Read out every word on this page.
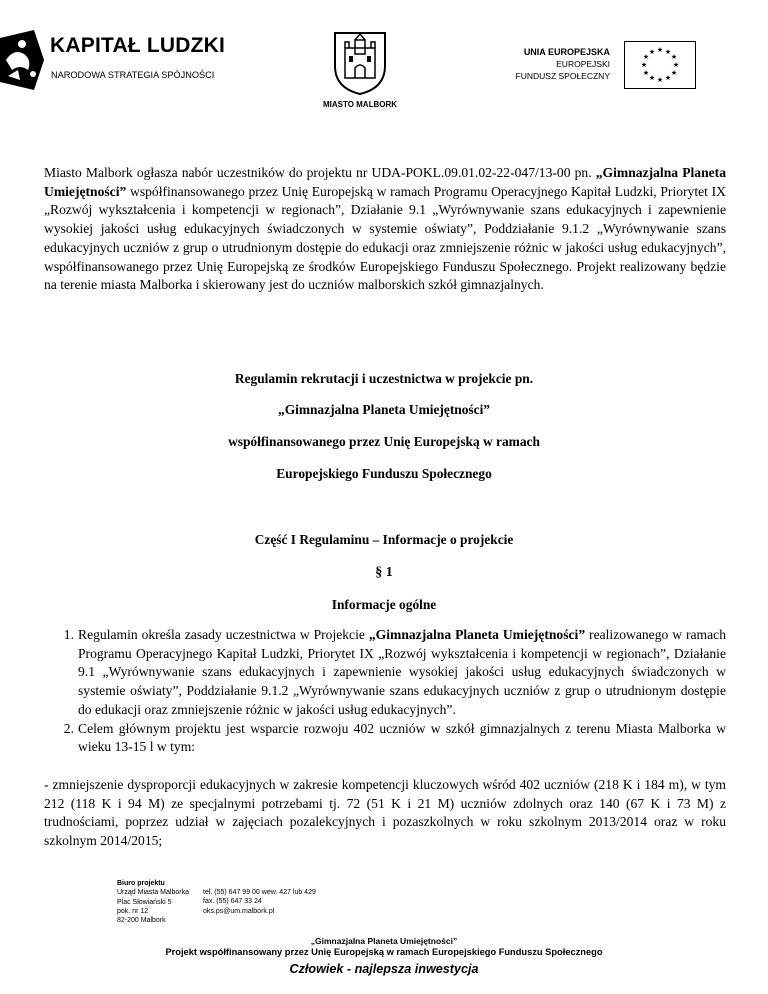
KAPITAŁ LUDZKI
NARODOWA STRATEGIA SPÓJNOŚCI
MIASTO MALBORK
UNIA EUROPEJSKA
EUROPEJSKI
FUNDUSZ SPOŁECZNY
★ ★
★
★
★
★
★
★
★
★
★
★

Miasto Malbork ogłasza nabór uczestników do projektu nr UDA-POKL.09.01.02-22-047/13-00 pn. „Gimnazjalna Planeta Umiejętności” współfinansowanego przez Unię Europejską w ramach Programu Operacyjnego Kapitał Ludzki, Priorytet IX „Rozwój wykształcenia i kompetencji w regionach”, Działanie 9.1 „Wyrównywanie szans edukacyjnych i zapewnienie wysokiej jakości usług edukacyjnych świadczonych w systemie oświaty”, Poddziałanie 9.1.2 „Wyrównywanie szans edukacyjnych uczniów z grup o utrudnionym dostępie do edukacji oraz zmniejszenie różnic w jakości usług edukacyjnych”, współfinansowanego przez Unię Europejską ze środków Europejskiego Funduszu Społecznego. Projekt realizowany będzie na terenie miasta Malborka i skierowany jest do uczniów malborskich szkół gimnazjalnych.

Regulamin rekrutacji i uczestnictwa w projekcie pn.
„Gimnazjalna Planeta Umiejętności”
współfinansowanego przez Unię Europejską w ramach
Europejskiego Funduszu Społecznego
Część I Regulaminu – Informacje o projekcie
§ 1
Informacje ogólne
1. Regulamin określa zasady uczestnictwa w Projekcie „Gimnazjalna Planeta Umiejętności” realizowanego w ramach Programu Operacyjnego Kapitał Ludzki, Priorytet IX „Rozwój wykształcenia i kompetencji w regionach”, Działanie 9.1 „Wyrównywanie szans edukacyjnych i zapewnienie wysokiej jakości usług edukacyjnych świadczonych w systemie oświaty”, Poddziałanie 9.1.2 „Wyrównywanie szans edukacyjnych uczniów z grup o utrudnionym dostępie do edukacji oraz zmniejszenie różnic w jakości usług edukacyjnych”.
2. Celem głównym projektu jest wsparcie rozwoju 402 uczniów w szkół gimnazjalnych z terenu Miasta Malborka w wieku 13-15 l w tym:

- zmniejszenie dysproporcji edukacyjnych w zakresie kompetencji kluczowych wśród 402 uczniów (218 K i 184 m), w tym 212 (118 K i 94 M) ze specjalnymi potrzebami tj. 72 (51 K i 21 M) uczniów zdolnych oraz 140 (67 K i 73 M) z trudnościami, poprzez udział w zajęciach pozalekcyjnych i pozaszkolnych w roku szkolnym 2013/2014 oraz w roku szkolnym 2014/2015;

Biuro projektu
Urząd Miasta Malborka
Plac Słowiański 5
pok. nr 12
82-200 Malbork
tel. (55) 647 99 00 wew. 427 lub 429
fax. (55) 647 33 24
oks.ps@um.malbork.pl
„Gimnazjalna Planeta Umiejętności”
Projekt współfinansowany przez Unię Europejską w ramach Europejskiego Funduszu Społecznego
Człowiek - najlepsza inwestycja
